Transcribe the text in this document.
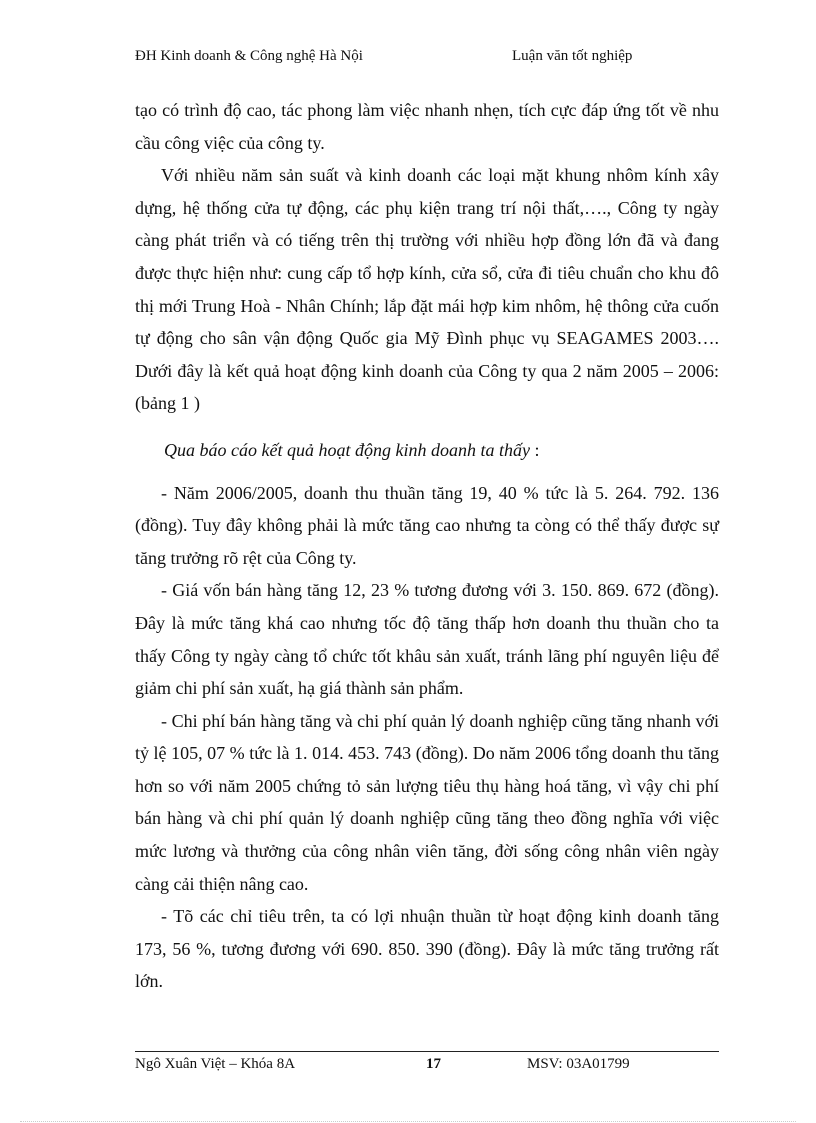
ĐH Kinh doanh & Công nghệ Hà Nội	Luận văn tốt nghiệp

tạo có trình độ cao, tác phong làm việc nhanh nhẹn, tích cực đáp ứng tốt về nhu cầu công việc của công ty.

Với nhiều năm sản suất và kinh doanh các loại mặt khung nhôm kính xây dựng, hệ thống cửa tự động, các phụ kiện trang trí nội thất,…., Công ty ngày càng phát triển và có tiếng trên thị trường với nhiều hợp đồng lớn đã và đang được thực hiện như: cung cấp tổ hợp kính, cửa sổ, cửa đi tiêu chuẩn cho khu đô thị mới Trung Hoà - Nhân Chính; lắp đặt mái hợp kim nhôm, hệ thông cửa cuốn tự động cho sân vận động Quốc gia Mỹ Đình phục vụ SEAGAMES 2003…. Dưới đây là kết quả hoạt động kinh doanh của Công ty qua 2 năm 2005 – 2006: (bảng 1 )

Qua báo cáo kết quả hoạt động kinh doanh ta thấy :

- Năm 2006/2005, doanh thu thuần tăng 19, 40 % tức là 5. 264. 792. 136 (đồng). Tuy đây không phải là mức tăng cao nhưng ta còng có thể thấy được sự tăng trưởng rõ rệt của Công ty.

- Giá vốn bán hàng tăng 12, 23 % tương đương với 3. 150. 869. 672 (đồng). Đây là mức tăng khá cao nhưng tốc độ tăng thấp hơn doanh thu thuần cho ta thấy Công ty ngày càng tổ chức tốt khâu sản xuất, tránh lãng phí nguyên liệu để giảm chi phí sản xuất, hạ giá thành sản phẩm.

- Chi phí bán hàng tăng và chi phí quản lý doanh nghiệp cũng tăng nhanh với tỷ lệ 105, 07 % tức là 1. 014. 453. 743 (đồng). Do năm 2006 tổng doanh thu tăng hơn so với năm 2005 chứng tỏ sản lượng tiêu thụ hàng hoá tăng, vì vậy chi phí bán hàng và chi phí quản lý doanh nghiệp cũng tăng theo đồng nghĩa với việc mức lương và thưởng của công nhân viên tăng, đời sống công nhân viên ngày càng cải thiện nâng cao.

- Tõ các chỉ tiêu trên, ta có lợi nhuận thuần từ hoạt động kinh doanh tăng 173, 56 %, tương đương với 690. 850. 390 (đồng). Đây là mức tăng trưởng rất lớn.

Ngô Xuân Việt – Khóa 8A	17	MSV: 03A01799
